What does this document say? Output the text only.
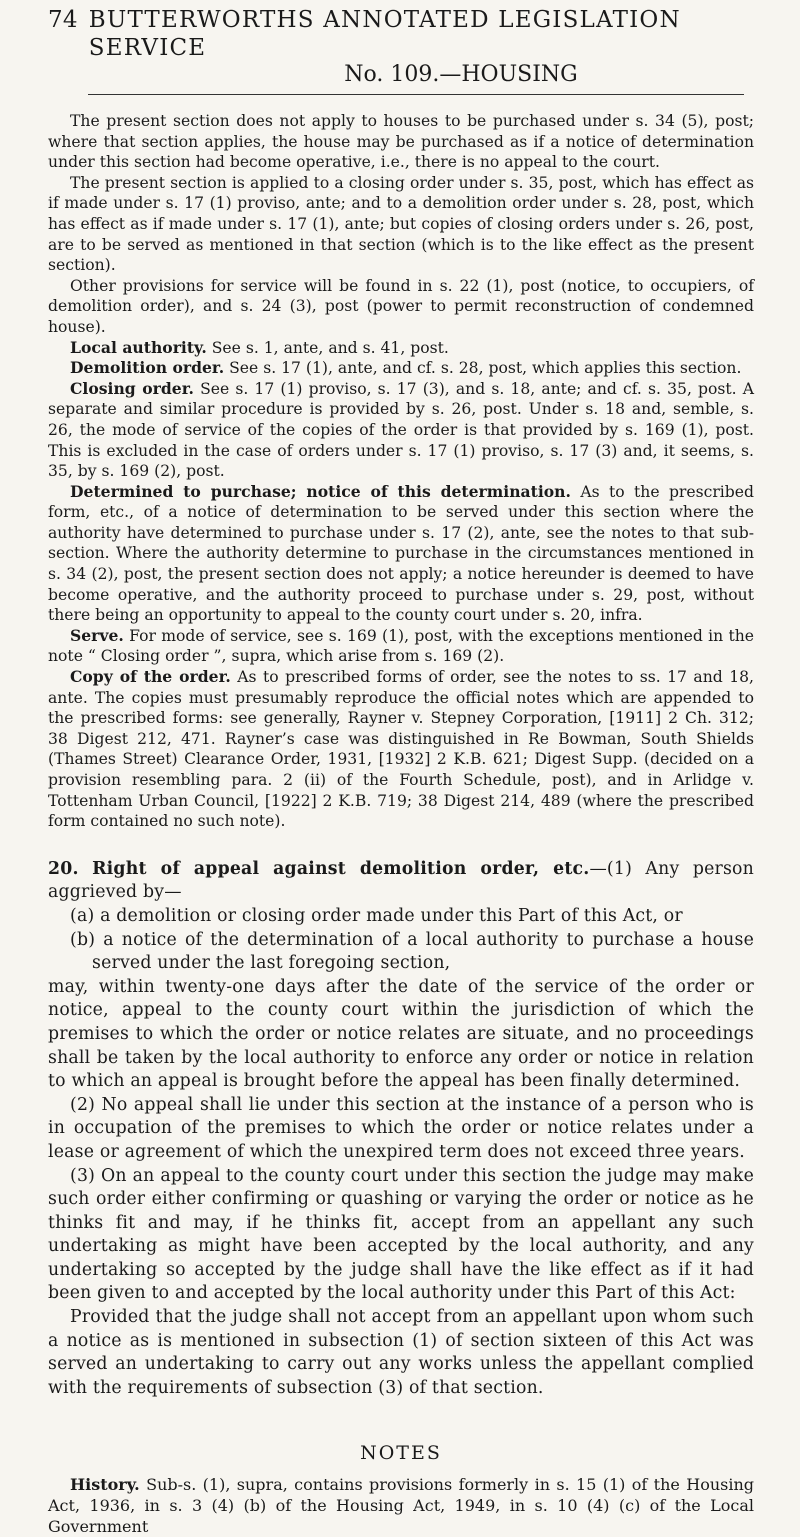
74 BUTTERWORTHS ANNOTATED LEGISLATION SERVICE
No. 109.—HOUSING

The present section does not apply to houses to be purchased under s. 34 (5), post; where that section applies, the house may be purchased as if a notice of determination under this section had become operative, i.e., there is no appeal to the court.

The present section is applied to a closing order under s. 35, post, which has effect as if made under s. 17 (1) proviso, ante; and to a demolition order under s. 28, post, which has effect as if made under s. 17 (1), ante; but copies of closing orders under s. 26, post, are to be served as mentioned in that section (which is to the like effect as the present section).

Other provisions for service will be found in s. 22 (1), post (notice, to occupiers, of demolition order), and s. 24 (3), post (power to permit reconstruction of condemned house).

Local authority. See s. 1, ante, and s. 41, post.

Demolition order. See s. 17 (1), ante, and cf. s. 28, post, which applies this section.

Closing order. See s. 17 (1) proviso, s. 17 (3), and s. 18, ante; and cf. s. 35, post. A separate and similar procedure is provided by s. 26, post. Under s. 18 and, semble, s. 26, the mode of service of the copies of the order is that provided by s. 169 (1), post. This is excluded in the case of orders under s. 17 (1) proviso, s. 17 (3) and, it seems, s. 35, by s. 169 (2), post.

Determined to purchase; notice of this determination. As to the prescribed form, etc., of a notice of determination to be served under this section where the authority have determined to purchase under s. 17 (2), ante, see the notes to that sub-section. Where the authority determine to purchase in the circumstances mentioned in s. 34 (2), post, the present section does not apply; a notice hereunder is deemed to have become operative, and the authority proceed to purchase under s. 29, post, without there being an opportunity to appeal to the county court under s. 20, infra.

Serve. For mode of service, see s. 169 (1), post, with the exceptions mentioned in the note “ Closing order ”, supra, which arise from s. 169 (2).

Copy of the order. As to prescribed forms of order, see the notes to ss. 17 and 18, ante. The copies must presumably reproduce the official notes which are appended to the prescribed forms: see generally, Rayner v. Stepney Corporation, [1911] 2 Ch. 312; 38 Digest 212, 471. Rayner’s case was distinguished in Re Bowman, South Shields (Thames Street) Clearance Order, 1931, [1932] 2 K.B. 621; Digest Supp. (decided on a provision resembling para. 2 (ii) of the Fourth Schedule, post), and in Arlidge v. Tottenham Urban Council, [1922] 2 K.B. 719; 38 Digest 214, 489 (where the prescribed form contained no such note).

20. Right of appeal against demolition order, etc.—(1) Any person aggrieved by—

(a) a demolition or closing order made under this Part of this Act, or

(b) a notice of the determination of a local authority to purchase a house served under the last foregoing section,

may, within twenty-one days after the date of the service of the order or notice, appeal to the county court within the jurisdiction of which the premises to which the order or notice relates are situate, and no proceedings shall be taken by the local authority to enforce any order or notice in relation to which an appeal is brought before the appeal has been finally determined.

(2) No appeal shall lie under this section at the instance of a person who is in occupation of the premises to which the order or notice relates under a lease or agreement of which the unexpired term does not exceed three years.

(3) On an appeal to the county court under this section the judge may make such order either confirming or quashing or varying the order or notice as he thinks fit and may, if he thinks fit, accept from an appellant any such undertaking as might have been accepted by the local authority, and any undertaking so accepted by the judge shall have the like effect as if it had been given to and accepted by the local authority under this Part of this Act:

Provided that the judge shall not accept from an appellant upon whom such a notice as is mentioned in subsection (1) of section sixteen of this Act was served an undertaking to carry out any works unless the appellant complied with the requirements of subsection (3) of that section.

NOTES

History. Sub-s. (1), supra, contains provisions formerly in s. 15 (1) of the Housing Act, 1936, in s. 3 (4) (b) of the Housing Act, 1949, in s. 10 (4) (c) of the Local Government
